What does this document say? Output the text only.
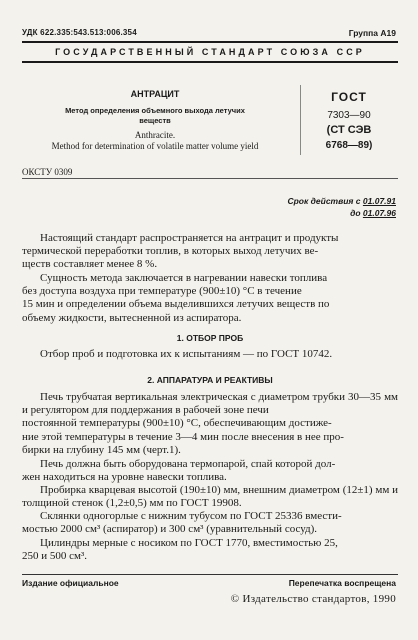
УДК 622.335:543.513:006.354	Группа А19
ГОСУДАРСТВЕННЫЙ СТАНДАРТ СОЮЗА ССР
АНТРАЦИТ
Метод определения объемного выхода летучих
веществ
Anthracite.
Method for determination of volatile matter volume yield
ГОСТ
7303—90
(СТ СЭВ
6768—89)
ОКСТУ 0309
Срок действия с 01.07.91
до 01.07.96
Настоящий стандарт распространяется на антрацит и продукты
термической переработки топлив, в которых выход летучих ве-
ществ составляет менее 8 %.
Сущность метода заключается в нагревании навески топлива
без доступа воздуха при температуре (900±10) °С в течение
15 мин и определении объема выделившихся летучих веществ по
объему жидкости, вытесненной из аспиратора.
1. ОТБОР ПРОБ
Отбор проб и подготовка их к испытаниям — по ГОСТ 10742.
2. АППАРАТУРА И РЕАКТИВЫ
Печь трубчатая вертикальная электрическая с диаметром трубки 30—35 мм и регулятором для поддержания в рабочей зоне печи
постоянной температуры (900±10) °С, обеспечивающим достиже-
ние этой температуры в течение 3—4 мин после внесения в нее про-
бирки на глубину 145 мм (черт.1).
Печь должна быть оборудована термопарой, спай которой дол-
жен находиться на уровне навески топлива.
Пробирка кварцевая высотой (190±10) мм, внешним диаметром (12±1) мм и толщиной стенок (1,2±0,5) мм по ГОСТ 19908.
Склянки одногорлые с нижним тубусом по ГОСТ 25336 вмести-
мостью 2000 см³ (аспиратор) и 300 см³ (уравнительный сосуд).
Цилиндры мерные с носиком по ГОСТ 1770, вместимостью 25,
250 и 500 см³.
Издание официальное	Перепечатка воспрещена
© Издательство стандартов, 1990
